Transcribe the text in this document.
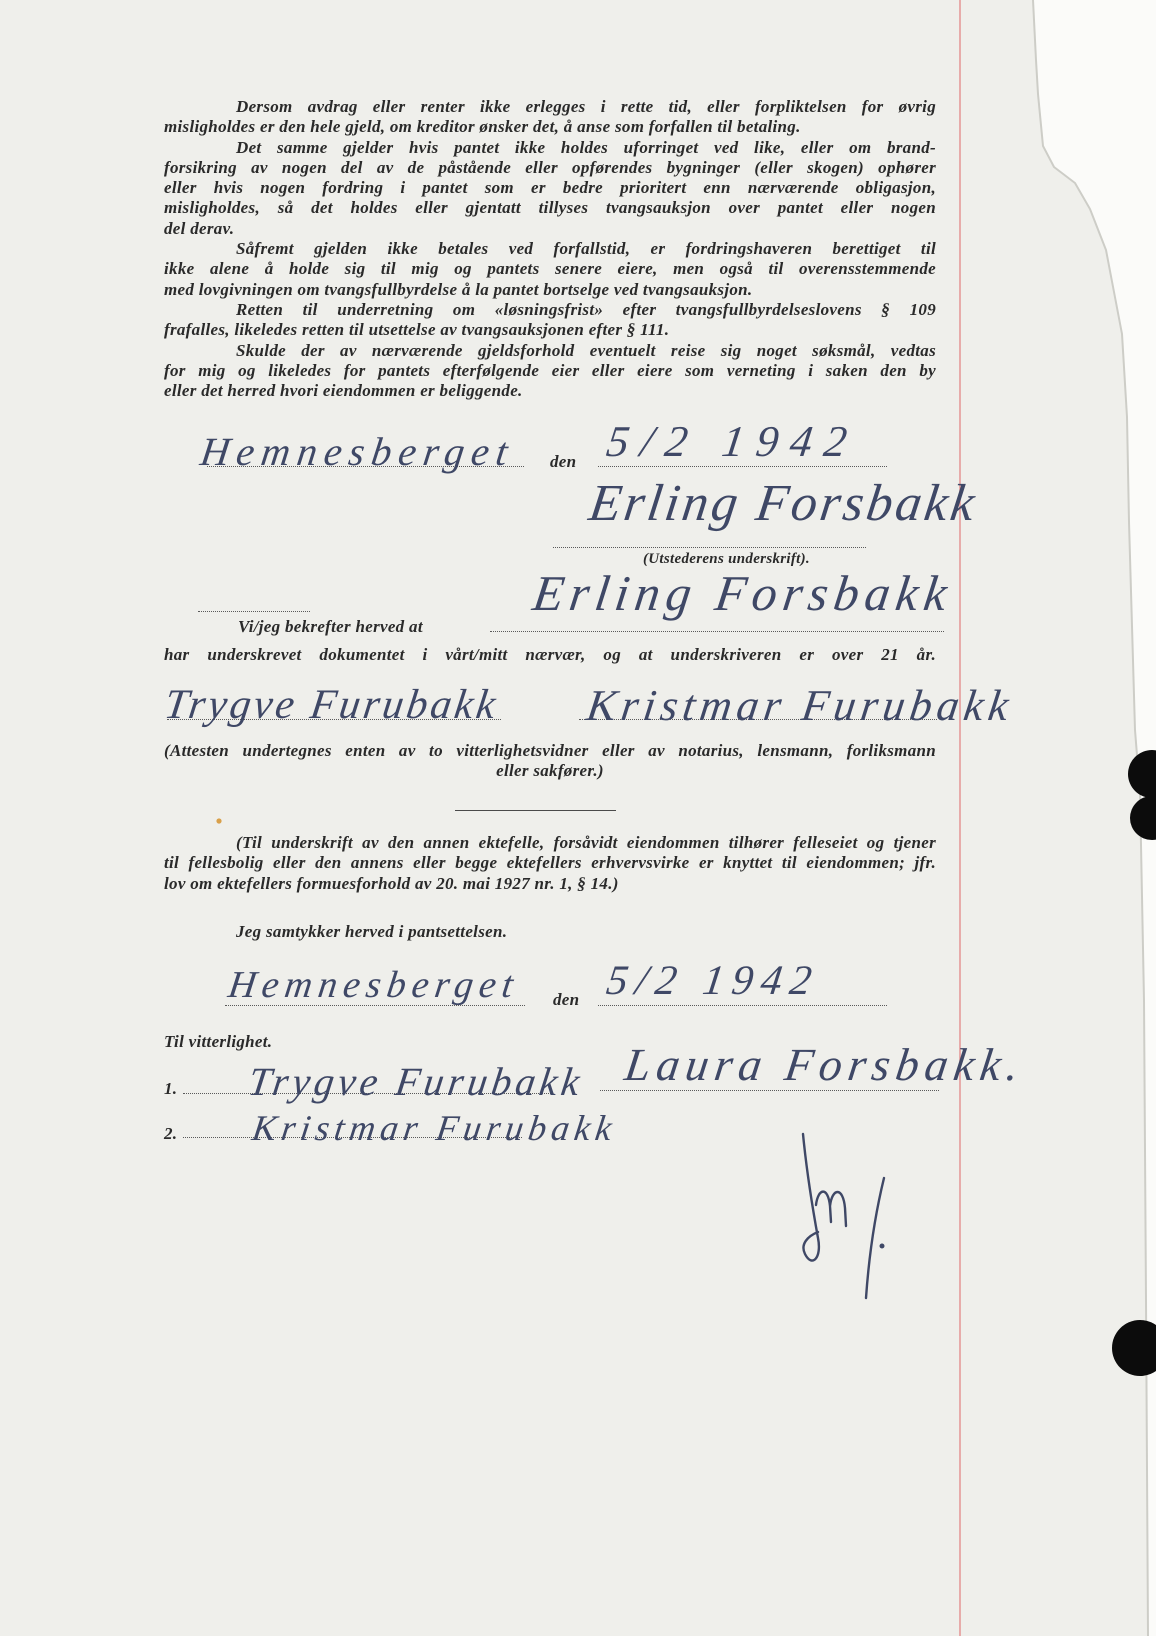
Dersom avdrag eller renter ikke erlegges i rette tid, eller forpliktelsen for øvrig
misligholdes er den hele gjeld, om kreditor ønsker det, å anse som forfallen til betaling.
Det samme gjelder hvis pantet ikke holdes uforringet ved like, eller om brand-
forsikring av nogen del av de påstående eller opførendes bygninger (eller skogen) ophører
eller hvis nogen fordring i pantet som er bedre prioritert enn nærværende obligasjon,
misligholdes, så det holdes eller gjentatt tillyses tvangsauksjon over pantet eller nogen
del derav.
Såfremt gjelden ikke betales ved forfallstid, er fordringshaveren berettiget til
ikke alene å holde sig til mig og pantets senere eiere, men også til overensstemmende
med lovgivningen om tvangsfullbyrdelse å la pantet bortselge ved tvangsauksjon.
Retten til underretning om «løsningsfrist» efter tvangsfullbyrdelseslovens § 109
frafalles, likeledes retten til utsettelse av tvangsauksjonen efter § 111.
Skulde der av nærværende gjeldsforhold eventuelt reise sig noget søksmål, vedtas
for mig og likeledes for pantets efterfølgende eier eller eiere som verneting i saken den by
eller det herred hvori eiendommen er beliggende.
den
Hemnesberget 5/2 1942
Erling Forsbakk
(Utstederens underskrift).
Vi/jeg bekrefter herved at
Erling Forsbakk
har underskrevet dokumentet i vårt/mitt nærvær, og at underskriveren er over 21 år.
Trygve Furubakk Kristmar Furubakk
(Attesten undertegnes enten av to vitterlighetsvidner eller av notarius, lensmann, forliksmann
eller sakfører.)
(Til underskrift av den annen ektefelle, forsåvidt eiendommen tilhører felleseiet og tjener
til fellesbolig eller den annens eller begge ektefellers erhvervsvirke er knyttet til eiendommen; jfr.
lov om ektefellers formuesforhold av 20. mai 1927 nr. 1, § 14.)
Jeg samtykker herved i pantsettelsen.
den
Hemnesberget 5/2 1942
Til vitterlighet.
1. Trygve Furubakk Laura Forsbakk.
2. Kristmar Furubakk
